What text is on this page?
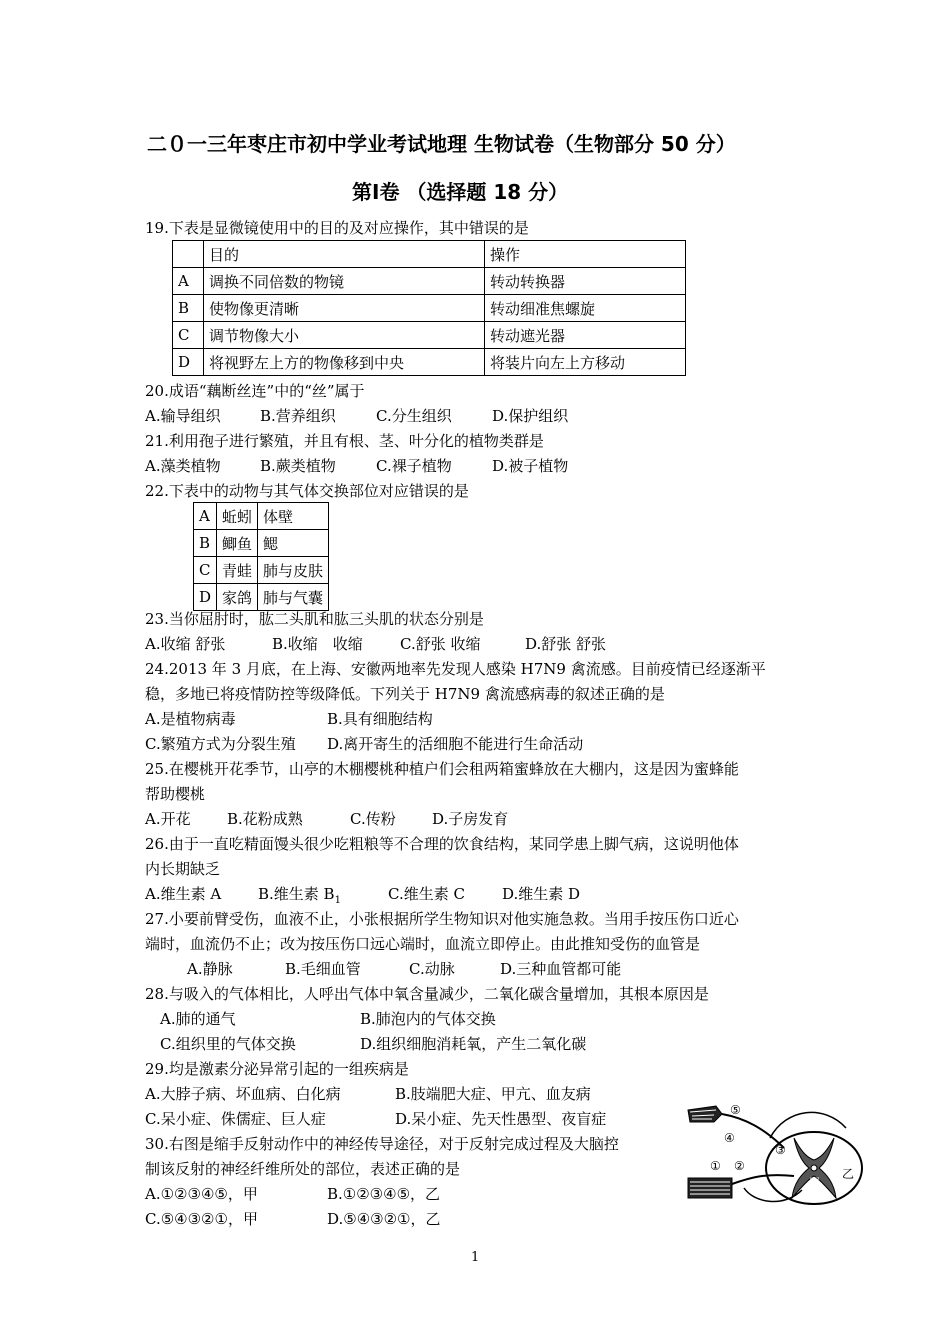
二０一三年枣庄市初中学业考试地理 生物试卷（生物部分 50 分）
第Ⅰ卷 （选择题 18 分）
19.下表是显微镜使用中的目的及对应操作，其中错误的是
	目的	操作
A	调换不同倍数的物镜	转动转换器
B	使物像更清晰	转动细准焦螺旋
C	调节物像大小	转动遮光器
D	将视野左上方的物像移到中央	将装片向左上方移动
20.成语“藕断丝连”中的“丝”属于
A.输导组织	B.营养组织	C.分生组织	D.保护组织
21.利用孢子进行繁殖，并且有根、茎、叶分化的植物类群是
A.藻类植物	B.蕨类植物	C.裸子植物	D.被子植物
22.下表中的动物与其气体交换部位对应错误的是
A	蚯蚓	体壁
B	鲫鱼	鳃
C	青蛙	肺与皮肤
D	家鸽	肺与气囊
23.当你屈肘时，肱二头肌和肱三头肌的状态分别是
A.收缩 舒张	B.收缩　收缩 C.舒张 收缩	D.舒张 舒张
24.2013 年 3 月底，在上海、安徽两地率先发现人感染 H7N9 禽流感。目前疫情已经逐渐平
稳，多地已将疫情防控等级降低。下列关于 H7N9 禽流感病毒的叙述正确的是
A.是植物病毒	B.具有细胞结构
C.繁殖方式为分裂生殖 D.离开寄生的活细胞不能进行生命活动
25.在樱桃开花季节，山亭的木棚樱桃种植户们会租两箱蜜蜂放在大棚内，这是因为蜜蜂能
帮助樱桃
A.开花 B.花粉成熟	C.传粉 D.子房发育
26.由于一直吃精面馒头很少吃粗粮等不合理的饮食结构，某同学患上脚气病，这说明他体
内长期缺乏
A.维生素 A B.维生素 $B_1$	C.维生素 C D.维生素 D
27.小要前臂受伤，血液不止，小张根据所学生物知识对他实施急救。当用手按压伤口近心
端时，血流仍不止；改为按压伤口远心端时，血流立即停止。由此推知受伤的血管是
A.静脉	B.毛细血管	C.动脉	D.三种血管都可能
28.与吸入的气体相比，人呼出气体中氧含量减少，二氧化碳含量增加，其根本原因是
A.肺的通气	B.肺泡内的气体交换
C.组织里的气体交换	D.组织细胞消耗氧，产生二氧化碳
29.均是激素分泌异常引起的一组疾病是
A.大脖子病、坏血病、白化病	B.肢端肥大症、甲亢、血友病
C.呆小症、侏儒症、巨人症	D.呆小症、先天性愚型、夜盲症
30.右图是缩手反射动作中的神经传导途径，对于反射完成过程及大脑控
制该反射的神经纤维所处的部位，表述正确的是
A.①②③④⑤，甲	B.①②③④⑤，乙
C.⑤④③②①，甲	D.⑤④③②①，乙
⑤
④
① ②
③
甲
乙
1
